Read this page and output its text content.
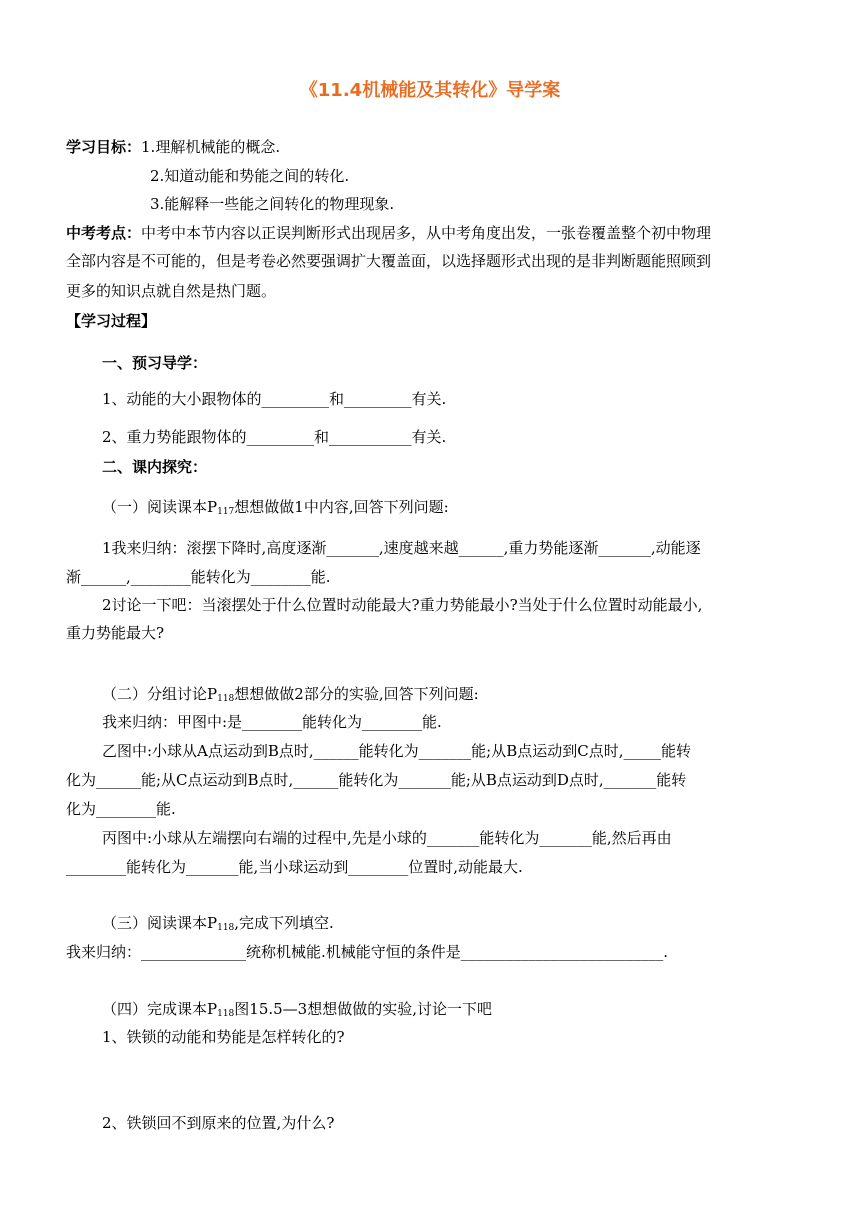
《11.4机械能及其转化》导学案
学习目标：1.理解机械能的概念.
2.知道动能和势能之间的转化.
3.能解释一些能之间转化的物理现象.
中考考点：中考中本节内容以正误判断形式出现居多，从中考角度出发，一张卷覆盖整个初中物理
全部内容是不可能的，但是考卷必然要强调扩大覆盖面，以选择题形式出现的是非判断题能照顾到
更多的知识点就自然是热门题。
【学习过程】
一、预习导学：
1、动能的大小跟物体的_________和_________有关.
2、重力势能跟物体的_________和___________有关.
二、课内探究：
（一）阅读课本$P_{117}$想想做做1中内容,回答下列问题:
1我来归纳：滚摆下降时,高度逐渐_______,速度越来越______,重力势能逐渐_______,动能逐
渐______,________能转化为________能.
2讨论一下吧：当滚摆处于什么位置时动能最大?重力势能最小?当处于什么位置时动能最小,
重力势能最大?
（二）分组讨论$P_{118}$想想做做2部分的实验,回答下列问题:
我来归纳：甲图中:是________能转化为________能.
乙图中:小球从A点运动到B点时,______能转化为_______能;从B点运动到C点时,_____能转
化为______能;从C点运动到B点时,______能转化为_______能;从B点运动到D点时,_______能转
化为________能.
丙图中:小球从左端摆向右端的过程中,先是小球的_______能转化为_______能,然后再由
________能转化为_______能,当小球运动到________位置时,动能最大.
（三）阅读课本$P_{118}$,完成下列填空.
我来归纳：______________统称机械能.机械能守恒的条件是___________________________.
（四）完成课本$P_{118}$图15.5—3想想做做的实验,讨论一下吧
1、铁锁的动能和势能是怎样转化的?
2、铁锁回不到原来的位置,为什么?
